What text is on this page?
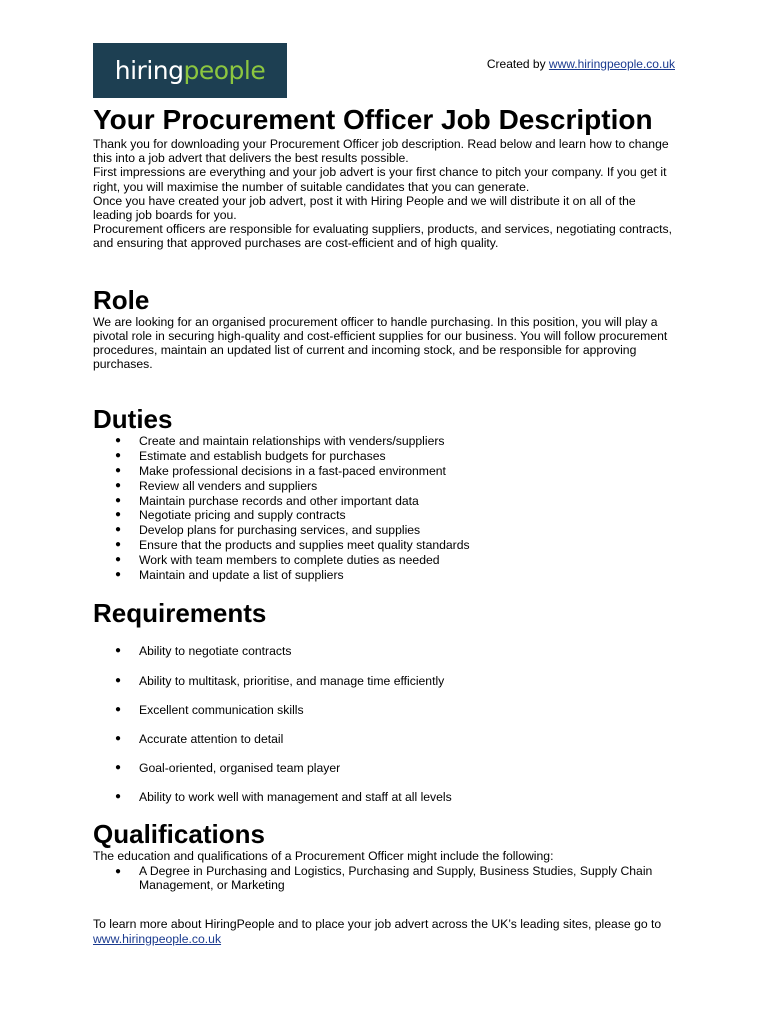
hiring people	Created by www.hiringpeople.co.uk
Your Procurement Officer Job Description

Thank you for downloading your Procurement Officer job description. Read below and learn how to change this into a job advert that delivers the best results possible.

First impressions are everything and your job advert is your first chance to pitch your company. If you get it right, you will maximise the number of suitable candidates that you can generate.

Once you have created your job advert, post it with Hiring People and we will distribute it on all of the leading job boards for you.

Procurement officers are responsible for evaluating suppliers, products, and services, negotiating contracts, and ensuring that approved purchases are cost-efficient and of high quality.

Role

We are looking for an organised procurement officer to handle purchasing. In this position, you will play a pivotal role in securing high-quality and cost-efficient supplies for our business. You will follow procurement procedures, maintain an updated list of current and incoming stock, and be responsible for approving purchases.

Duties
● Create and maintain relationships with venders/suppliers
● Estimate and establish budgets for purchases
● Make professional decisions in a fast-paced environment
● Review all venders and suppliers
● Maintain purchase records and other important data
● Negotiate pricing and supply contracts
● Develop plans for purchasing services, and supplies
● Ensure that the products and supplies meet quality standards
● Work with team members to complete duties as needed
● Maintain and update a list of suppliers
Requirements
● Ability to negotiate contracts
● Ability to multitask, prioritise, and manage time efficiently
● Excellent communication skills
● Accurate attention to detail
● Goal-oriented, organised team player
● Ability to work well with management and staff at all levels
Qualifications

The education and qualifications of a Procurement Officer might include the following:

● A Degree in Purchasing and Logistics, Purchasing and Supply, Business Studies, Supply Chain Management, or Marketing

To learn more about HiringPeople and to place your job advert across the UK’s leading sites, please go to www.hiringpeople.co.uk
